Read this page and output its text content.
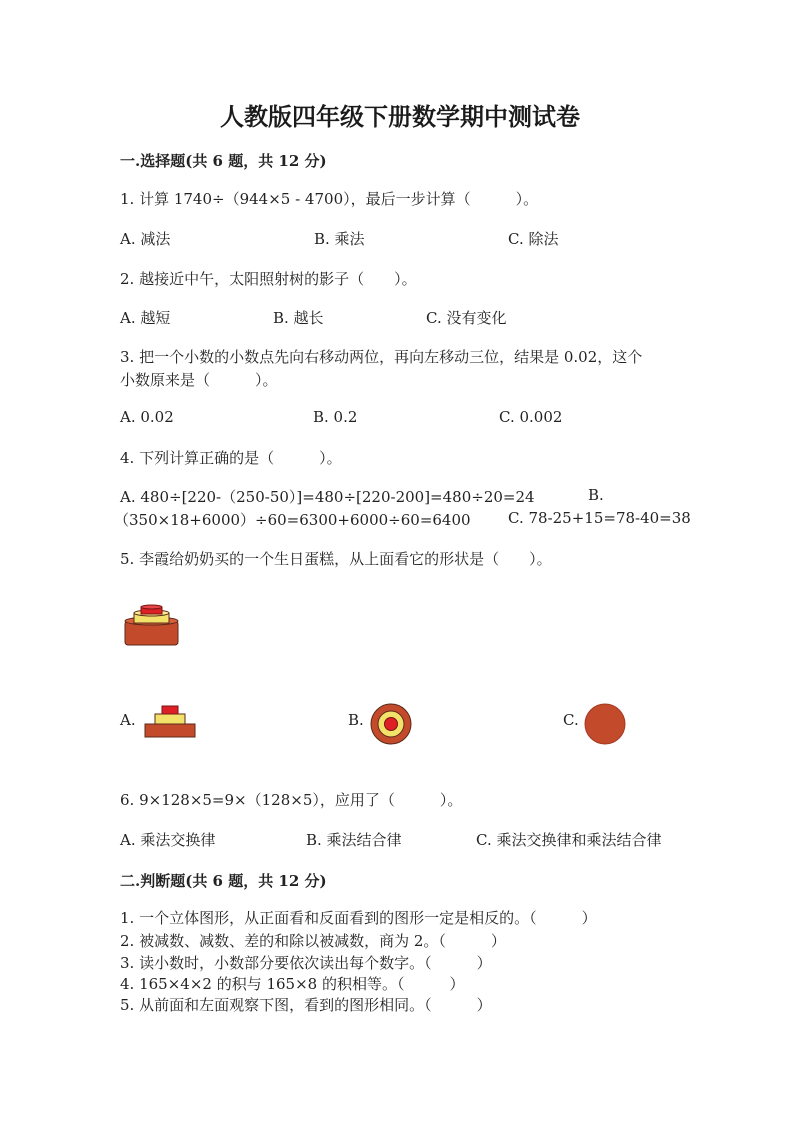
人教版四年级下册数学期中测试卷
一.选择题(共 6 题，共 12 分)
1. 计算 1740÷（944×5 - 4700），最后一步计算（　　　）。
A. 减法	B. 乘法	C. 除法
2. 越接近中午，太阳照射树的影子（　　）。
A. 越短	B. 越长	C. 没有变化
3. 把一个小数的小数点先向右移动两位，再向左移动三位，结果是 0.02，这个
小数原来是（　　　）。
A. 0.02	B. 0.2	C. 0.002
4. 下列计算正确的是（　　　）。
A. 480÷[220-（250-50）]=480÷[220-200]=480÷20=24	B.
（350×18+6000）÷60=6300+6000÷60=6400 C. 78-25+15=78-40=38
5. 李霞给奶奶买的一个生日蛋糕，从上面看它的形状是（　　）。
A.	B.	C.
6. 9×128×5=9×（128×5），应用了（　　　）。
A. 乘法交换律	B. 乘法结合律	C. 乘法交换律和乘法结合律
二.判断题(共 6 题，共 12 分)
1. 一个立体图形，从正面看和反面看到的图形一定是相反的。（　　　）
2. 被减数、减数、差的和除以被减数，商为 2。（　　　）
3. 读小数时，小数部分要依次读出每个数字。（　　　）
4. 165×4×2 的积与 165×8 的积相等。（　　　）
5. 从前面和左面观察下图，看到的图形相同。（　　　）
